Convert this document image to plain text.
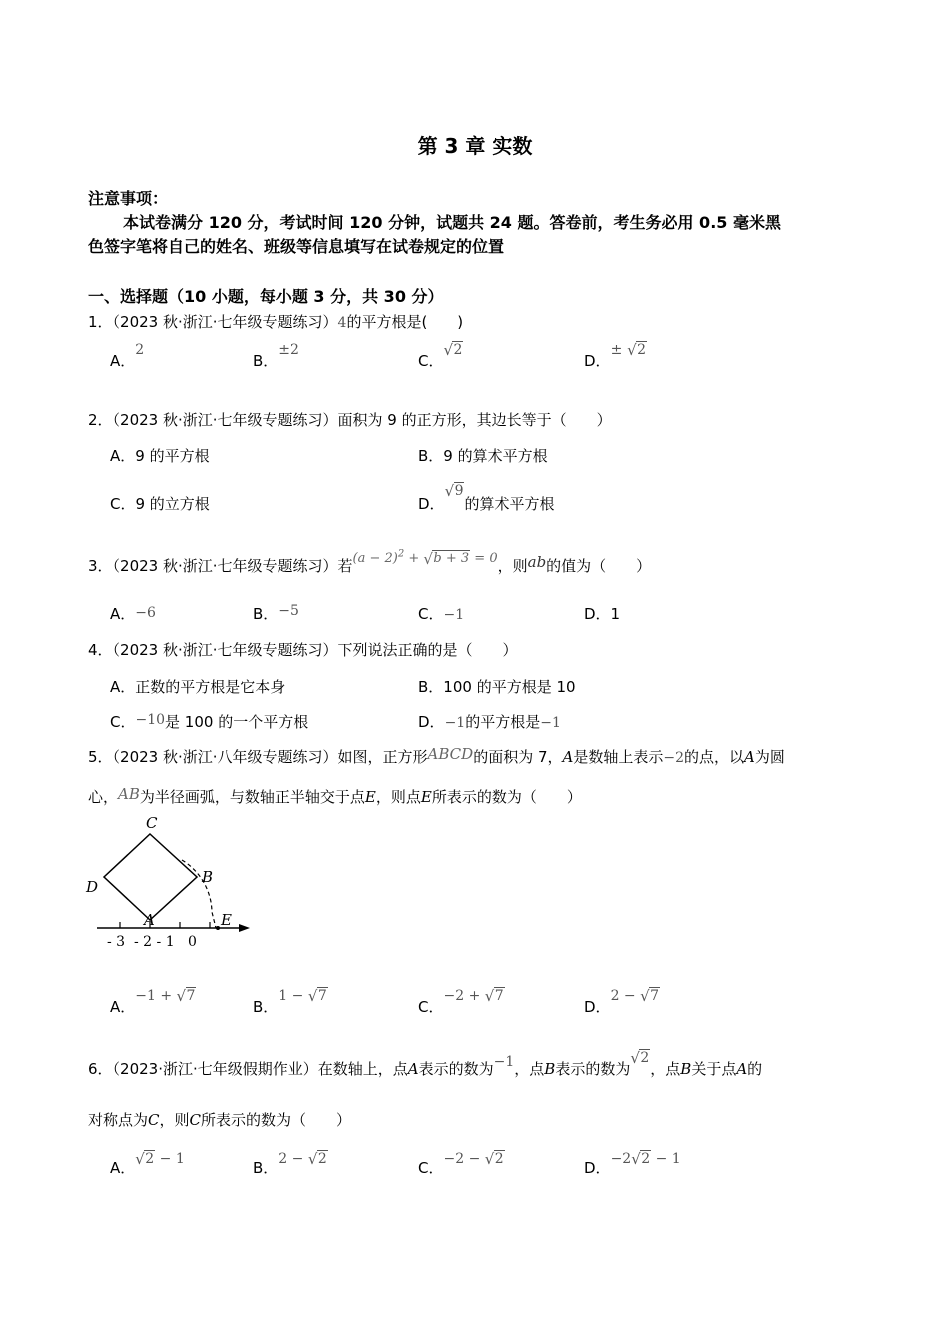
第 3 章 实数
注意事项：
本试卷满分 120 分，考试时间 120 分钟，试题共 24 题。答卷前，考生务必用 0.5 毫米黑
色签字笔将自己的姓名、班级等信息填写在试卷规定的位置
一、选择题（10 小题，每小题 3 分，共 30 分）
1．（2023 秋·浙江·七年级专题练习）4的平方根是(　　)
A．2
B．±2
C．√ 2
D．± √ 2
2．（2023 秋·浙江·七年级专题练习）面积为 9 的正方形，其边长等于（　　）
A．9 的平方根	B．9 的算术平方根
C．9 的立方根	D．√ 9的算术平方根
3．（2023 秋·浙江·七年级专题练习）若$(a - 2)^2$ + √ b + 3 = 0，则ab的值为（　　）
A．−6	B．−5	C．−1	D．1
4．（2023 秋·浙江·七年级专题练习）下列说法正确的是（　　）
A．正数的平方根是它本身	B．100 的平方根是 10
C．−10是 100 的一个平方根	D．−1的平方根是−1
5．（2023 秋·浙江·八年级专题练习）如图，正方形ABCD的面积为 7，A是数轴上表示−2的点，以A为圆
心，AB为半径画弧，与数轴正半轴交于点E，则点E所表示的数为（　　）
C
D
B
A	E
- 3  - 2 - 1   0
A．−1 + √ 7
B．1 − √ 7
C．−2 + √ 7
D．2 − √ 7
6．（2023·浙江·七年级假期作业）在数轴上，点A表示的数为−1，点B表示的数为√ 2，点B关于点A的
对称点为C，则C所表示的数为（　　）
A． √ 2 − 1	B．2 − √ 2	C．−2 − √ 2	D．−2 √ 2 − 1
